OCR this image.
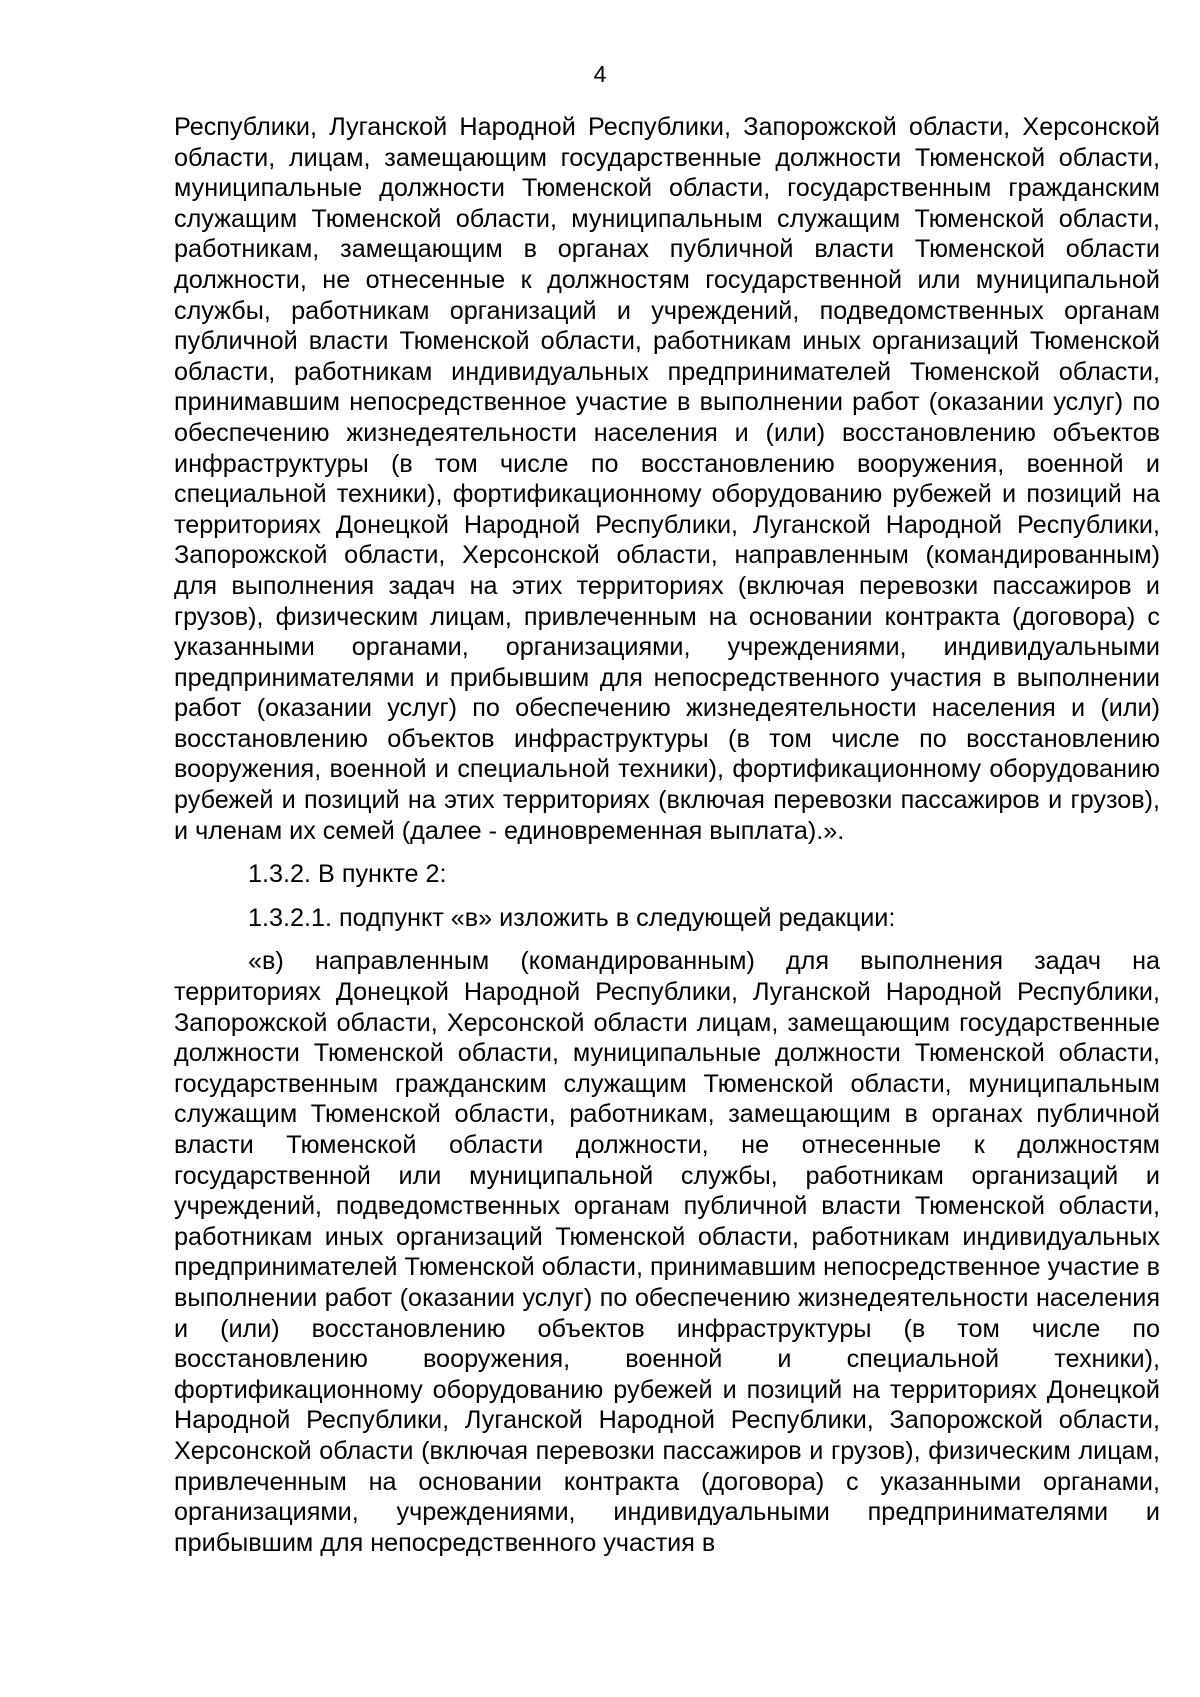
4

Республики, Луганской Народной Республики, Запорожской области, Херсонской области, лицам, замещающим государственные должности Тюменской области, муниципальные должности Тюменской области, государственным гражданским служащим Тюменской области, муниципальным служащим Тюменской области, работникам, замещающим в органах публичной власти Тюменской области должности, не отнесенные к должностям государственной или муниципальной службы, работникам организаций и учреждений, подведомственных органам публичной власти Тюменской области, работникам иных организаций Тюменской области, работникам индивидуальных предпринимателей Тюменской области, принимавшим непосредственное участие в выполнении работ (оказании услуг) по обеспечению жизнедеятельности населения и (или) восстановлению объектов инфраструктуры (в том числе по восстановлению вооружения, военной и специальной техники), фортификационному оборудованию рубежей и позиций на территориях Донецкой Народной Республики, Луганской Народной Республики, Запорожской области, Херсонской области, направленным (командированным) для выполнения задач на этих территориях (включая перевозки пассажиров и грузов), физическим лицам, привлеченным на основании контракта (договора) с указанными органами, организациями, учреждениями, индивидуальными предпринимателями и прибывшим для непосредственного участия в выполнении работ (оказании услуг) по обеспечению жизнедеятельности населения и (или) восстановлению объектов инфраструктуры (в том числе по восстановлению вооружения, военной и специальной техники), фортификационному оборудованию рубежей и позиций на этих территориях (включая перевозки пассажиров и грузов), и членам их семей (далее - единовременная выплата).».

1.3.2. В пункте 2:

1.3.2.1. подпункт «в» изложить в следующей редакции:

«в) направленным (командированным) для выполнения задач на территориях Донецкой Народной Республики, Луганской Народной Республики, Запорожской области, Херсонской области лицам, замещающим государственные должности Тюменской области, муниципальные должности Тюменской области, государственным гражданским служащим Тюменской области, муниципальным служащим Тюменской области, работникам, замещающим в органах публичной власти Тюменской области должности, не отнесенные к должностям государственной или муниципальной службы, работникам организаций и учреждений, подведомственных органам публичной власти Тюменской области, работникам иных организаций Тюменской области, работникам индивидуальных предпринимателей Тюменской области, принимавшим непосредственное участие в выполнении работ (оказании услуг) по обеспечению жизнедеятельности населения и (или) восстановлению объектов инфраструктуры (в том числе по восстановлению вооружения, военной и специальной техники), фортификационному оборудованию рубежей и позиций на территориях Донецкой Народной Республики, Луганской Народной Республики, Запорожской области, Херсонской области (включая перевозки пассажиров и грузов), физическим лицам, привлеченным на основании контракта (договора) с указанными органами, организациями, учреждениями, индивидуальными предпринимателями и прибывшим для непосредственного участия в
